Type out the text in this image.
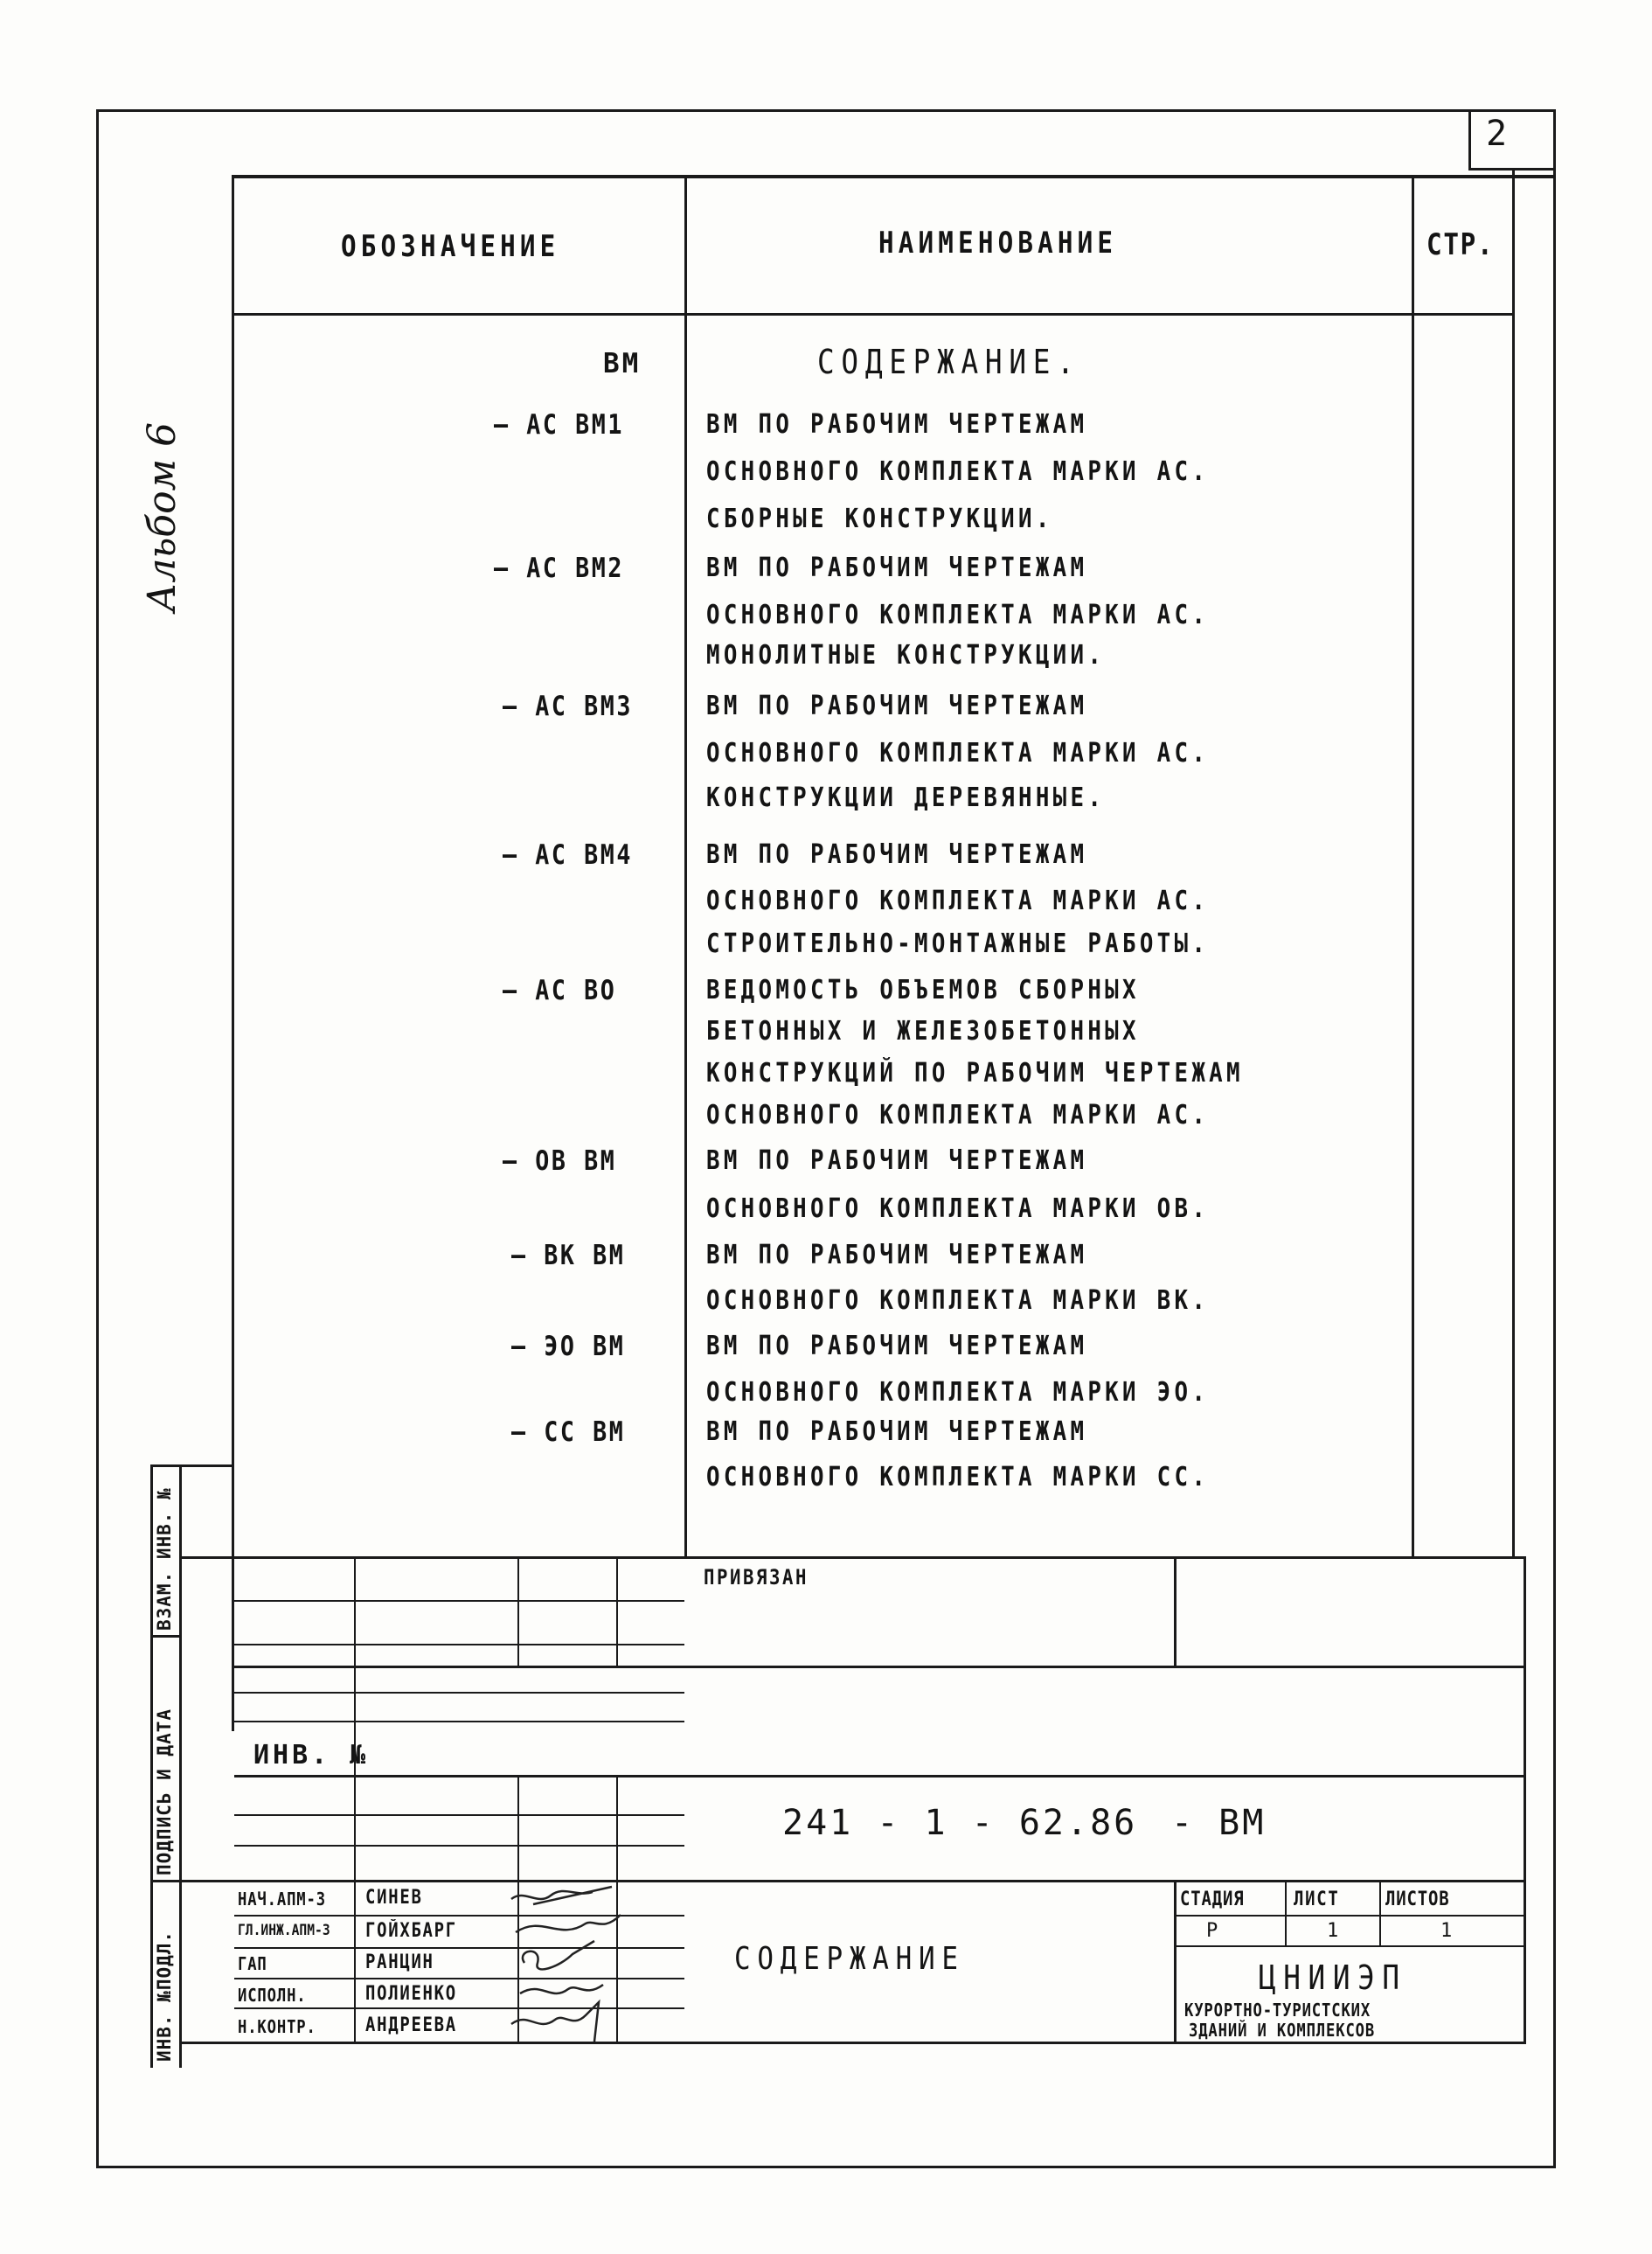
2
Альбом 6
ОБОЗНАЧЕНИЕ	НАИМЕНОВАНИЕ	СТР.
ВМ	СОДЕРЖАНИЕ.
— АС ВМ1	ВМ ПО РАБОЧИМ ЧЕРТЕЖАМ
ОСНОВНОГО КОМПЛЕКТА МАРКИ АС.
СБОРНЫЕ КОНСТРУКЦИИ.
— АС ВМ2	ВМ ПО РАБОЧИМ ЧЕРТЕЖАМ
ОСНОВНОГО КОМПЛЕКТА МАРКИ АС.
МОНОЛИТНЫЕ КОНСТРУКЦИИ.
— АС ВМ3	ВМ ПО РАБОЧИМ ЧЕРТЕЖАМ
ОСНОВНОГО КОМПЛЕКТА МАРКИ АС.
КОНСТРУКЦИИ ДЕРЕВЯННЫЕ.
— АС ВМ4	ВМ ПО РАБОЧИМ ЧЕРТЕЖАМ
ОСНОВНОГО КОМПЛЕКТА МАРКИ АС.
СТРОИТЕЛЬНО-МОНТАЖНЫЕ РАБОТЫ.
— АС ВО	ВЕДОМОСТЬ ОБЪЕМОВ СБОРНЫХ
БЕТОННЫХ И ЖЕЛЕЗОБЕТОННЫХ
КОНСТРУКЦИЙ ПО РАБОЧИМ ЧЕРТЕЖАМ
ОСНОВНОГО КОМПЛЕКТА МАРКИ АС.
— ОВ ВМ	ВМ ПО РАБОЧИМ ЧЕРТЕЖАМ
ОСНОВНОГО КОМПЛЕКТА МАРКИ ОВ.
— ВК ВМ	ВМ ПО РАБОЧИМ ЧЕРТЕЖАМ
ОСНОВНОГО КОМПЛЕКТА МАРКИ ВК.
— ЭО ВМ	ВМ ПО РАБОЧИМ ЧЕРТЕЖАМ
ОСНОВНОГО КОМПЛЕКТА МАРКИ ЭО.
— СС ВМ	ВМ ПО РАБОЧИМ ЧЕРТЕЖАМ
ОСНОВНОГО КОМПЛЕКТА МАРКИ СС.
ВЗАМ. ИНВ. №
ПОДПИСЬ И ДАТА
ИНВ. №ПОДЛ.
ПРИВЯЗАН
ИНВ. №
241 - 1 - 62.86 - ВМ
СОДЕРЖАНИЕ
НАЧ.АПМ-3	СИНЕВ
ГЛ.ИНЖ.АПМ-3	ГОЙХБАРГ
ГАП	РАНЦИН
ИСПОЛН.	ПОЛИЕНКО
Н.КОНТР.	АНДРЕЕВА
СТАДИЯ	ЛИСТ	ЛИСТОВ
Р	1	1
ЦНИИЭП
КУРОРТНО-ТУРИСТСКИХ
ЗДАНИЙ И КОМПЛЕКСОВ
